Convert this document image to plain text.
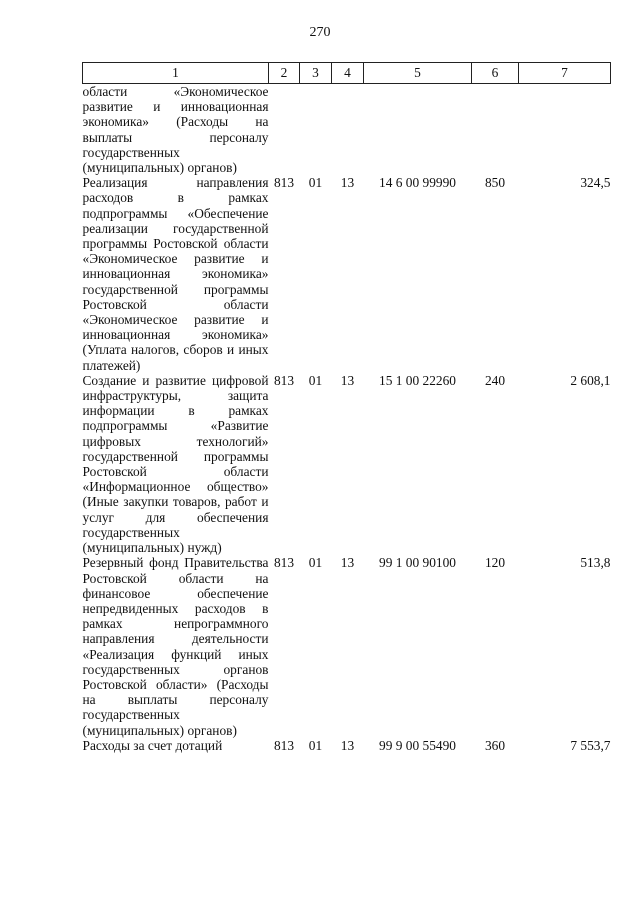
270
1	2	3	4	5	6	7
области «Экономическое развитие и инновационная экономика» (Расходы на выплаты персоналу государственных (муниципальных) органов)						
Реализация направления расходов в рамках подпрограммы «Обеспечение реализации государственной программы Ростовской области «Экономическое развитие и инновационная экономика» государственной программы Ростовской области «Экономическое развитие и инновационная экономика» (Уплата налогов, сборов и иных платежей)	813	01	13	14 6 00 99990	850	324,5
Создание и развитие цифровой инфраструктуры, защита информации в рамках подпрограммы «Развитие цифровых технологий» государственной программы Ростовской области «Информационное общество» (Иные закупки товаров, работ и услуг для обеспечения государственных (муниципальных) нужд)	813	01	13	15 1 00 22260	240	2 608,1
Резервный фонд Правительства Ростовской области на финансовое обеспечение непредвиденных расходов в рамках непрограммного направления деятельности «Реализация функций иных государственных органов Ростовской области» (Расходы на выплаты персоналу государственных (муниципальных) органов)	813	01	13	99 1 00 90100	120	513,8
Расходы за счет дотаций	813	01	13	99 9 00 55490	360	7 553,7
